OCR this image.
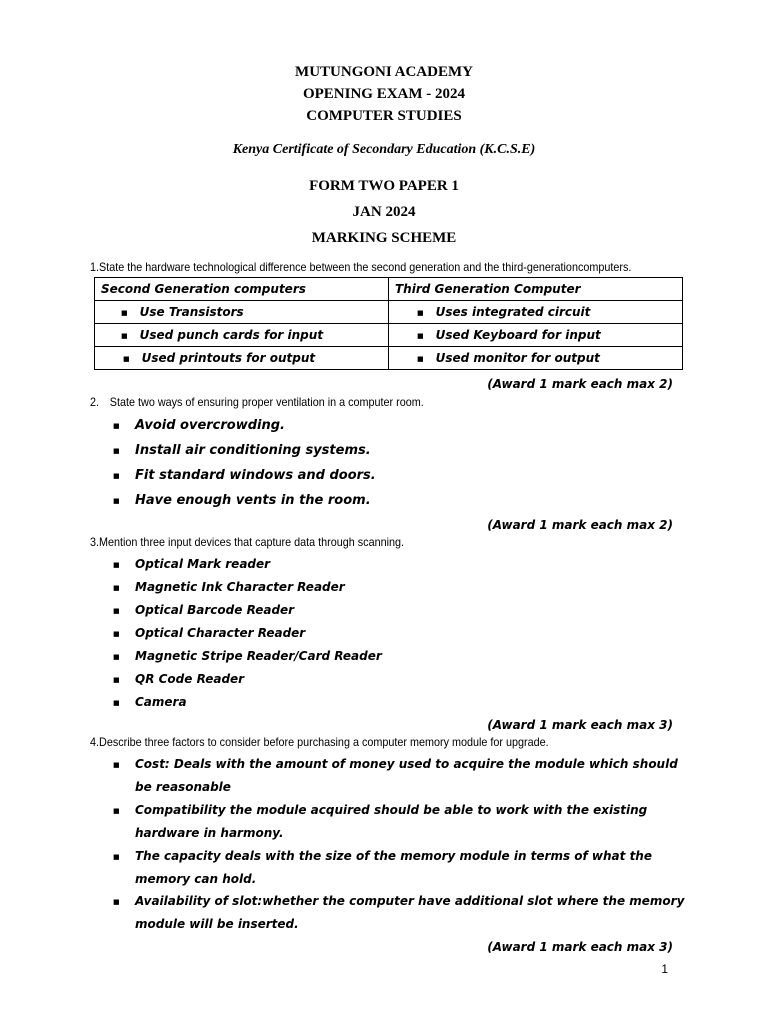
MUTUNGONI ACADEMY
OPENING EXAM - 2024
COMPUTER STUDIES
Kenya Certificate of Secondary Education (K.C.S.E)
FORM TWO PAPER 1
JAN 2024
MARKING SCHEME
1.State the hardware technological difference between the second generation and the third-generationcomputers.
Second Generation computers	Third Generation Computer
■ Use Transistors	■ Uses integrated circuit
■ Used punch cards for input	■ Used Keyboard for input
■ Used printouts for output	■ Used monitor for output
(Award 1 mark each max 2)
2. State two ways of ensuring proper ventilation in a computer room.
■ Avoid overcrowding.
■ Install air conditioning systems.
■ Fit standard windows and doors.
■ Have enough vents in the room.
(Award 1 mark each max 2)
3.Mention three input devices that capture data through scanning.
■ Optical Mark reader
■ Magnetic Ink Character Reader
■ Optical Barcode Reader
■ Optical Character Reader
■ Magnetic Stripe Reader/Card Reader
■ QR Code Reader
■ Camera
(Award 1 mark each max 3)
4.Describe three factors to consider before purchasing a computer memory module for upgrade.
■ Cost: Deals with the amount of money used to acquire the module which should
be reasonable
■ Compatibility the module acquired should be able to work with the existing
hardware in harmony.
■ The capacity deals with the size of the memory module in terms of what the
memory can hold.
■ Availability of slot:whether the computer have additional slot where the memory
module will be inserted.
(Award 1 mark each max 3)
1
